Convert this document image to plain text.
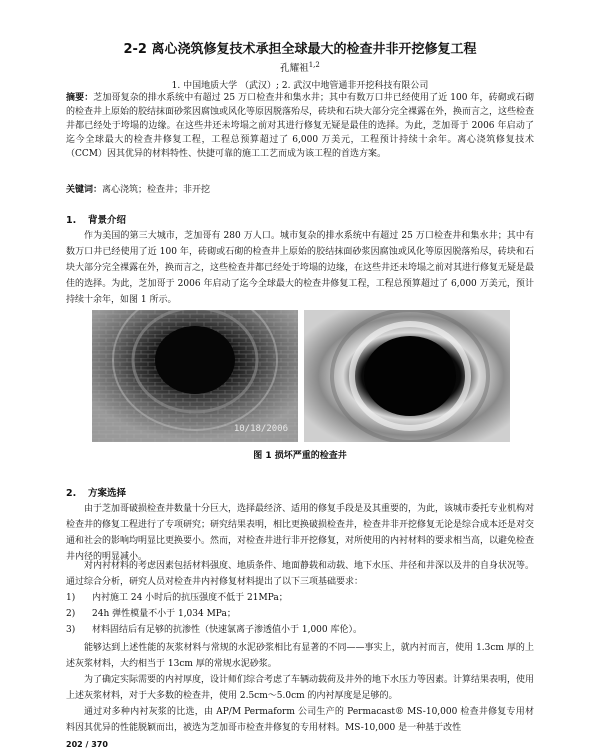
2-2 离心浇筑修复技术承担全球最大的检查井非开挖修复工程
孔耀祖$^{1,2}$
1. 中国地质大学 （武汉）; 2. 武汉中地管通非开挖科技有限公司

摘要：芝加哥复杂的排水系统中有超过 25 万口检查井和集水井；其中有数万口井已经使用了近 100 年，砖砌或石砌的检查井上原始的胶结抹面砂浆因腐蚀或风化等原因脱落殆尽，砖块和石块大部分完全裸露在外，换而言之，这些检查井都已经处于垮塌的边缘。在这些井还未垮塌之前对其进行修复无疑是最佳的选择。为此，芝加哥于 2006 年启动了迄今全球最大的检查井修复工程，工程总预算超过了 6,000 万美元，工程预计持续十余年。离心浇筑修复技术（CCM）因其优异的材料特性、快捷可靠的施工工艺而成为该工程的首选方案。

关键词：离心浇筑；检查井；非开挖

1. 背景介绍

作为美国的第三大城市，芝加哥有 280 万人口。城市复杂的排水系统中有超过 25 万口检查井和集水井；其中有数万口井已经使用了近 100 年，砖砌或石砌的检查井上原始的胶结抹面砂浆因腐蚀或风化等原因脱落殆尽，砖块和石块大部分完全裸露在外，换而言之，这些检查井都已经处于垮塌的边缘，在这些井还未垮塌之前对其进行修复无疑是最佳的选择。为此，芝加哥于 2006 年启动了迄今全球最大的检查井修复工程，工程总预算超过了 6,000 万美元，预计持续十余年，如图 1 所示。

10/18/2006
图 1 损坏严重的检查井
2. 方案选择

由于芝加哥破损检查井数量十分巨大，选择最经济、适用的修复手段是及其重要的，为此，该城市委托专业机构对检查井的修复工程进行了专项研究；研究结果表明，相比更换破损检查井，检查井非开挖修复无论是综合成本还是对交通和社会的影响均明显比更换要小。然而，对检查井进行非开挖修复，对所使用的内衬材料的要求相当高，以避免检查井内径的明显减小。

对内衬材料的考虑因素包括材料强度、地质条件、地面静载和动载、地下水压、井径和井深以及井的自身状况等。通过综合分析，研究人员对检查井内衬修复材料提出了以下三项基础要求：

1) 内衬施工 24 小时后的抗压强度不低于 21MPa；
2) 24h 弹性模量不小于 1,034 MPa；
3) 材料固结后有足够的抗渗性（快速氯离子渗透值小于 1,000 库伦）。

能够达到上述性能的灰浆材料与常规的水泥砂浆相比有显著的不同——事实上，就内衬而言，使用 1.3cm 厚的上述灰浆材料，大约相当于 13cm 厚的常规水泥砂浆。

为了确定实际需要的内衬厚度，设计师们综合考虑了车辆动载荷及井外的地下水压力等因素。计算结果表明，使用上述灰浆材料，对于大多数的检查井，使用 2.5cm～5.0cm 的内衬厚度是足够的。

通过对多种内衬灰浆的比选，由 AP/M Permaform 公司生产的 Permacast® MS-10,000 检查井修复专用材料因其优异的性能脱颖而出，被选为芝加哥市检查井修复的专用材料。MS-10,000 是一种基于改性

202 / 370
